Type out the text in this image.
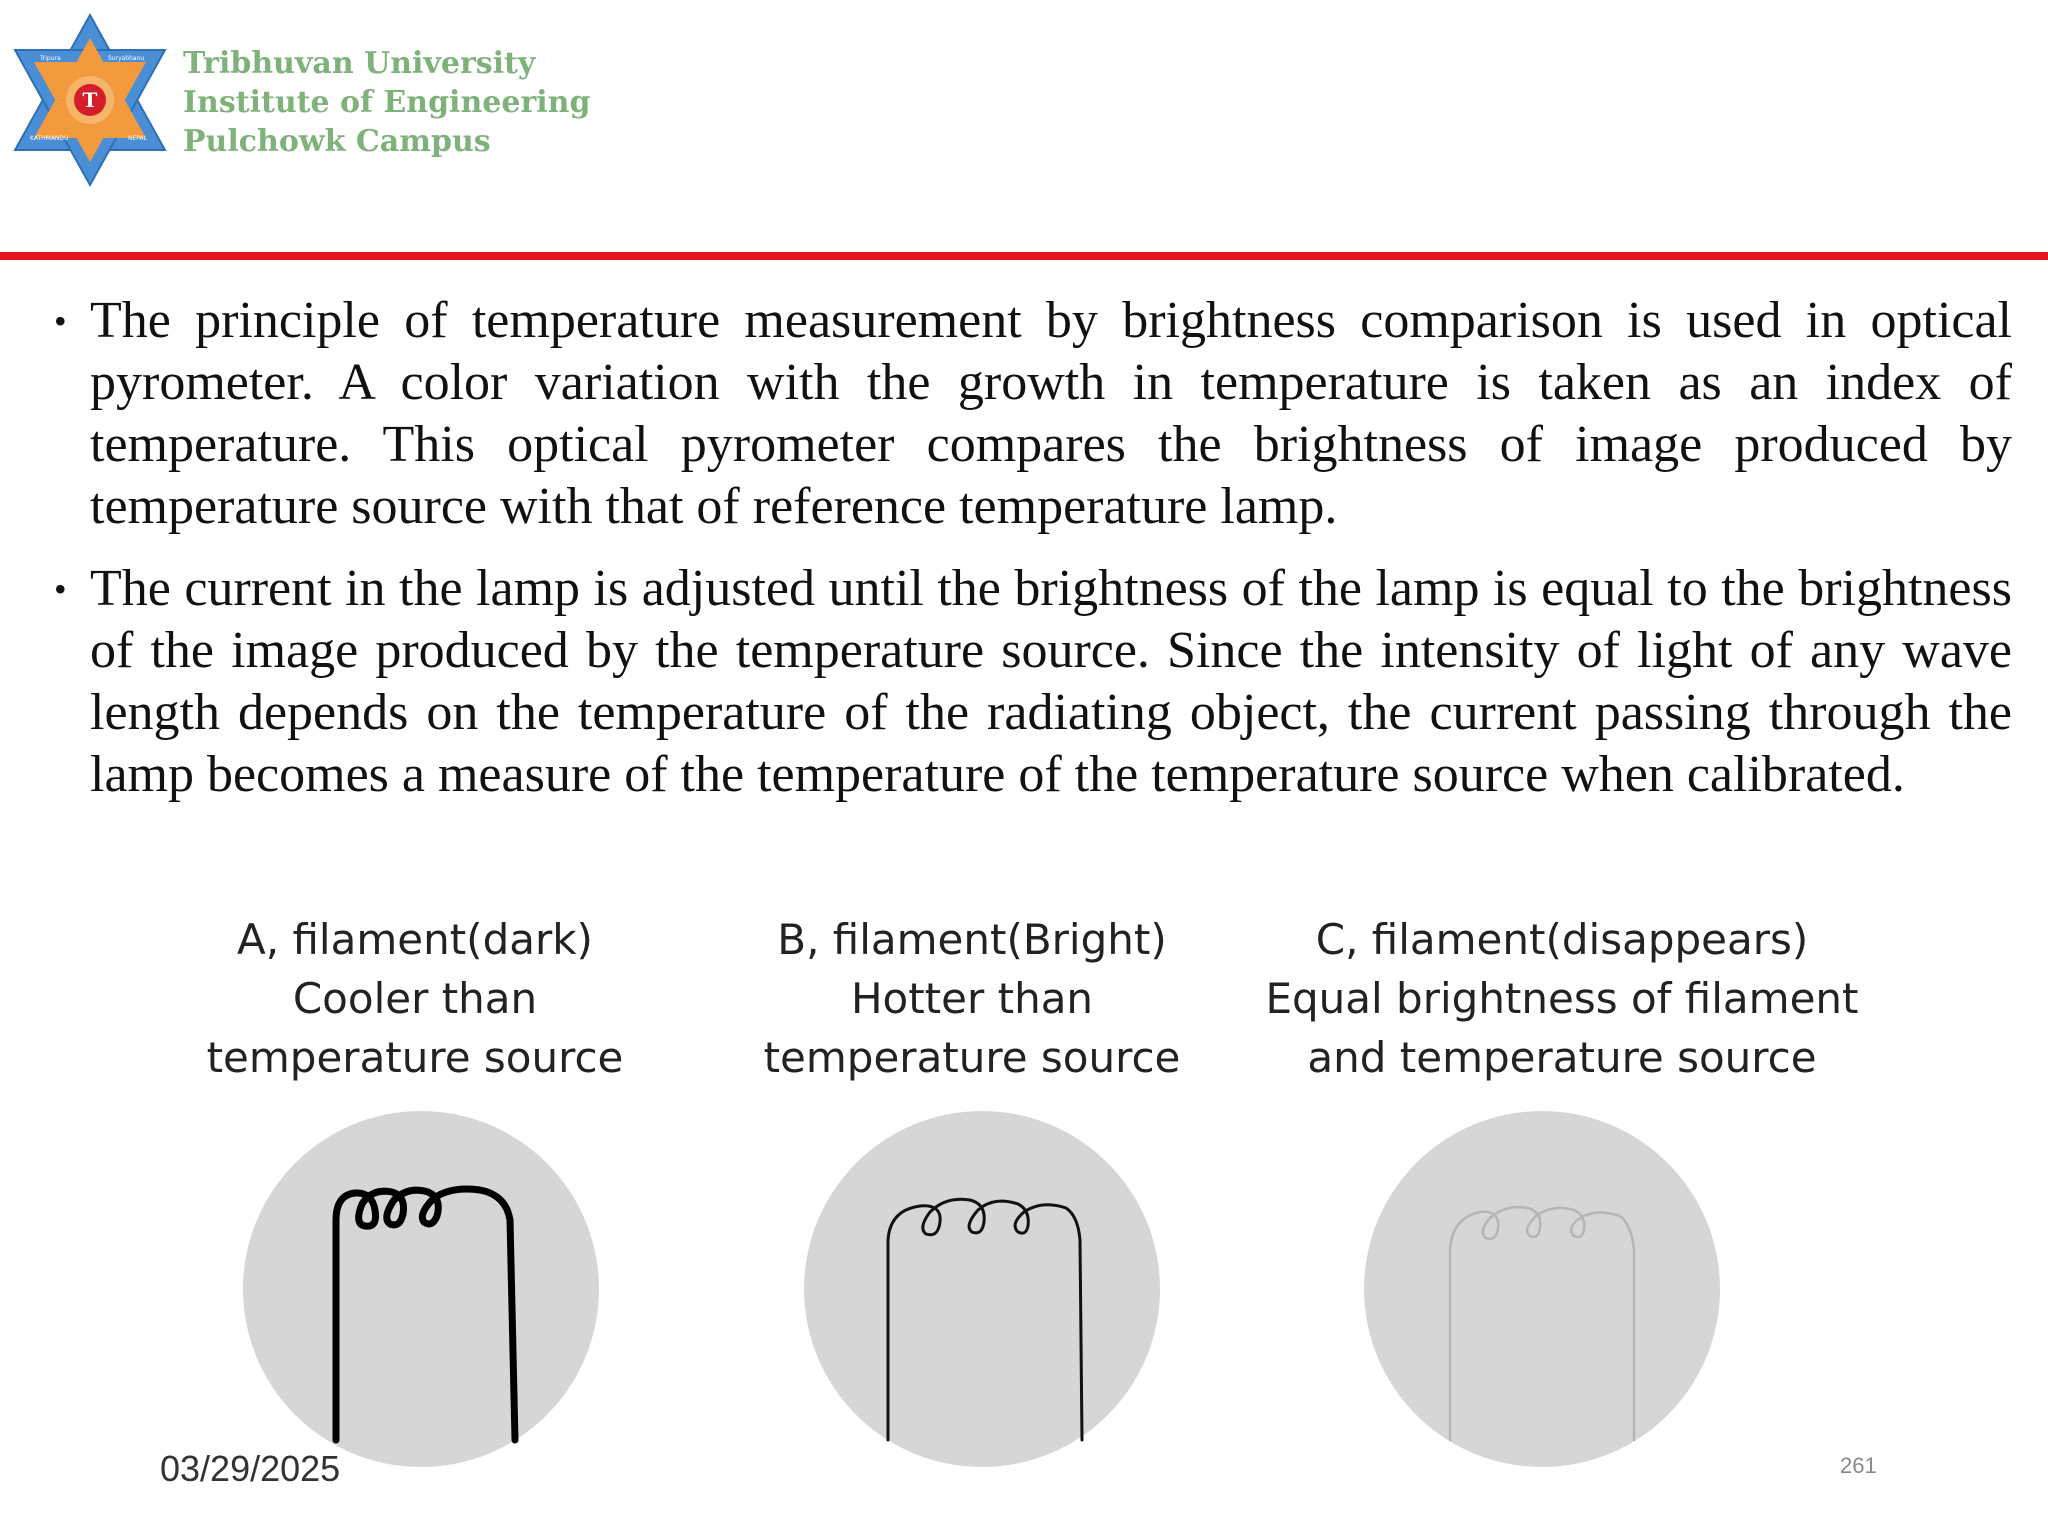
T
Tripura	Suryabhanu
KATHMANDU	NEPAL
Tribhuvan University
Institute of Engineering
Pulchowk Campus
• The principle of temperature measurement by brightness comparison is used in optical pyrometer. A color variation with the growth in temperature is taken as an index of temperature. This optical pyrometer compares the brightness of image produced by temperature source with that of reference temperature lamp.
• The current in the lamp is adjusted until the brightness of the lamp is equal to the brightness of the image produced by the temperature source. Since the intensity of light of any wave length depends on the temperature of the radiating object, the current passing through the lamp becomes a measure of the temperature of the temperature source when calibrated.
A, filament(dark)
Cooler than
temperature source
B, filament(Bright)
Hotter than
temperature source
C, filament(disappears)
Equal brightness of filament
and temperature source
03/29/2025	261
